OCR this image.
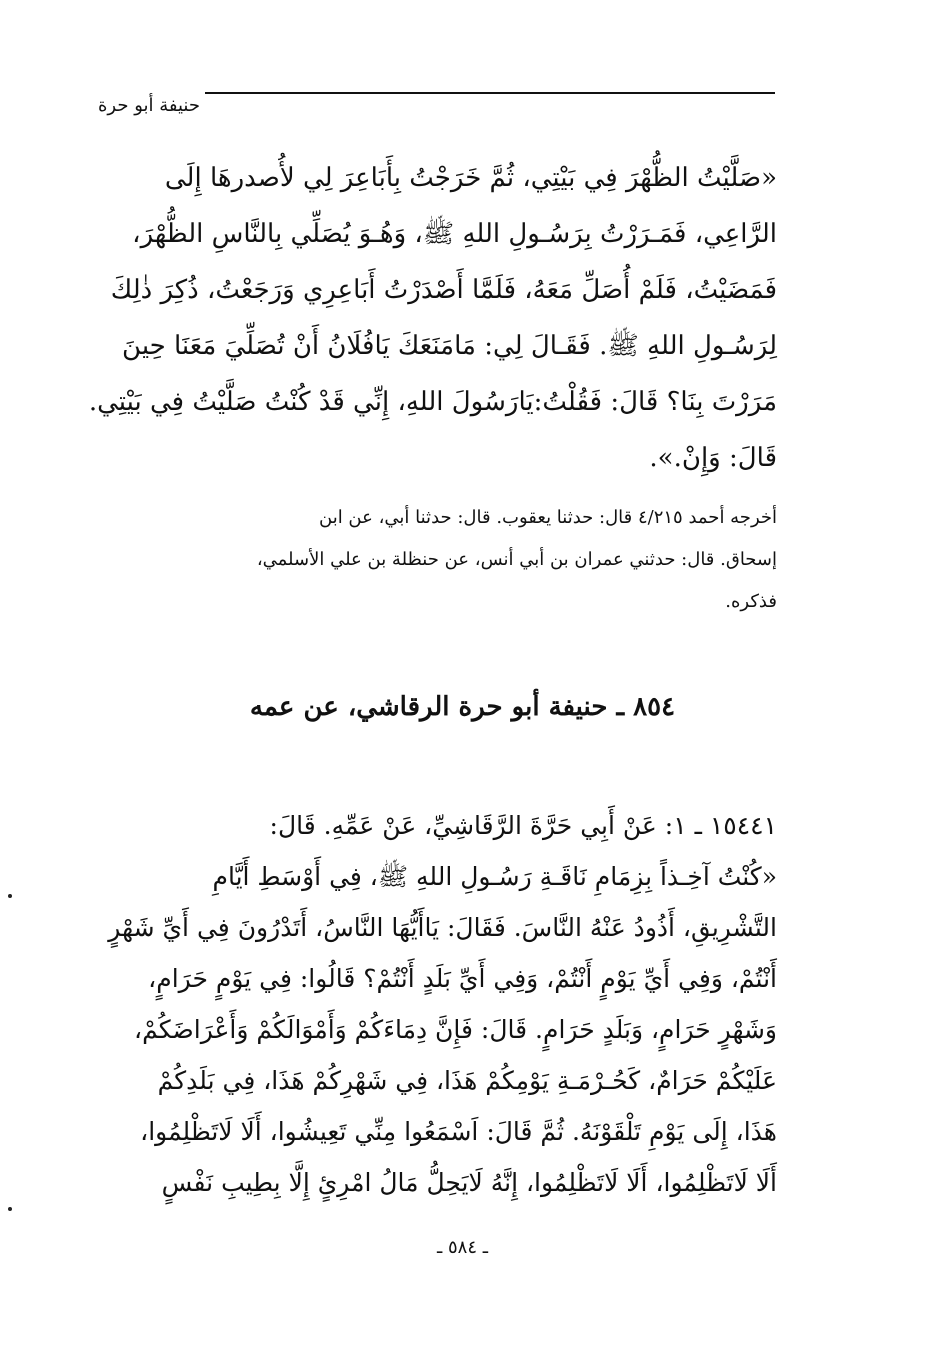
حنيفة أبو حرة
«صَلَّيْتُ الظُّهْرَ فِي بَيْتِي، ثُمَّ خَرَجْتُ بِأَبَاعِرَ لِي لأُصدرهَا إِلَى
الرَّاعِي، فَمَـرَرْتُ بِرَسُـولِ اللهِ ﷺ، وَهُـوَ يُصَلِّي بِالنَّاسِ الظُّهْرَ،
فَمَضَيْتُ، فَلَمْ أُصَلِّ مَعَهُ، فَلَمَّا أَصْدَرْتُ أَبَاعِرِي وَرَجَعْتُ، ذُكِرَ ذٰلِكَ
لِرَسُـولِ اللهِ ﷺ. فَقَـالَ لِي: مَامَنَعَكَ يَافُلَانُ أَنْ تُصَلِّيَ مَعَنَا حِينَ
مَرَرْتَ بِنَا؟ قَالَ: فَقُلْتُ:يَارَسُولَ اللهِ، إِنِّي قَدْ كُنْتُ صَلَّيْتُ فِي بَيْتِي.
قَالَ: وَإِنْ.».
أخرجه أحمد ٤/٢١٥ قال: حدثنا يعقوب. قال: حدثنا أبي، عن ابن
إسحاق. قال: حدثني عمران بن أبي أنس، عن حنظلة بن علي الأسلمي،
فذكره.
٨٥٤ ـ حنيفة أبو حرة الرقاشي، عن عمه
١٥٤٤١ ـ ١: عَنْ أَبِي حَرَّةَ الرَّقَاشِيِّ، عَنْ عَمِّهِ. قَالَ:
«كُنْتُ آخِـذاً بِزِمَامِ نَاقَـةِ رَسُـولِ اللهِ ﷺ، فِي أَوْسَطِ أَيَّامِ
التَّشْرِيقِ، أَذُودُ عَنْهُ النَّاسَ. فَقَالَ: يَاأَيُّهَا النَّاسُ، أَتَدْرُونَ فِي أَيِّ شَهْرٍ
أَنْتُمْ، وَفِي أَيِّ يَوْمٍ أَنْتُمْ، وَفِي أَيِّ بَلَدٍ أَنْتُمْ؟ قَالُوا: فِي يَوْمٍ حَرَامٍ،
وَشَهْرٍ حَرَامٍ، وَبَلَدٍ حَرَامٍ. قَالَ: فَإِنَّ دِمَاءَكُمْ وَأَمْوَالَكُمْ وَأَعْرَاضَكُمْ،
عَلَيْكُمْ حَرَامٌ، كَحُـرْمَـةِ يَوْمِكُمْ هَذَا، فِي شَهْرِكُمْ هَذَا، فِي بَلَدِكُمْ
هَذَا، إِلَى يَوْمِ تَلْقَوْنَهُ. ثُمَّ قَالَ: اَسْمَعُوا مِنِّي تَعِيشُوا، أَلَا لَاتَظْلِمُوا،
أَلَا لَاتَظْلِمُوا، أَلَا لَاتَظْلِمُوا، إِنَّهُ لَايَحِلُّ مَالُ امْرِئٍ إِلَّا بِطِيبِ نَفْسٍ
ـ ٥٨٤ ـ
